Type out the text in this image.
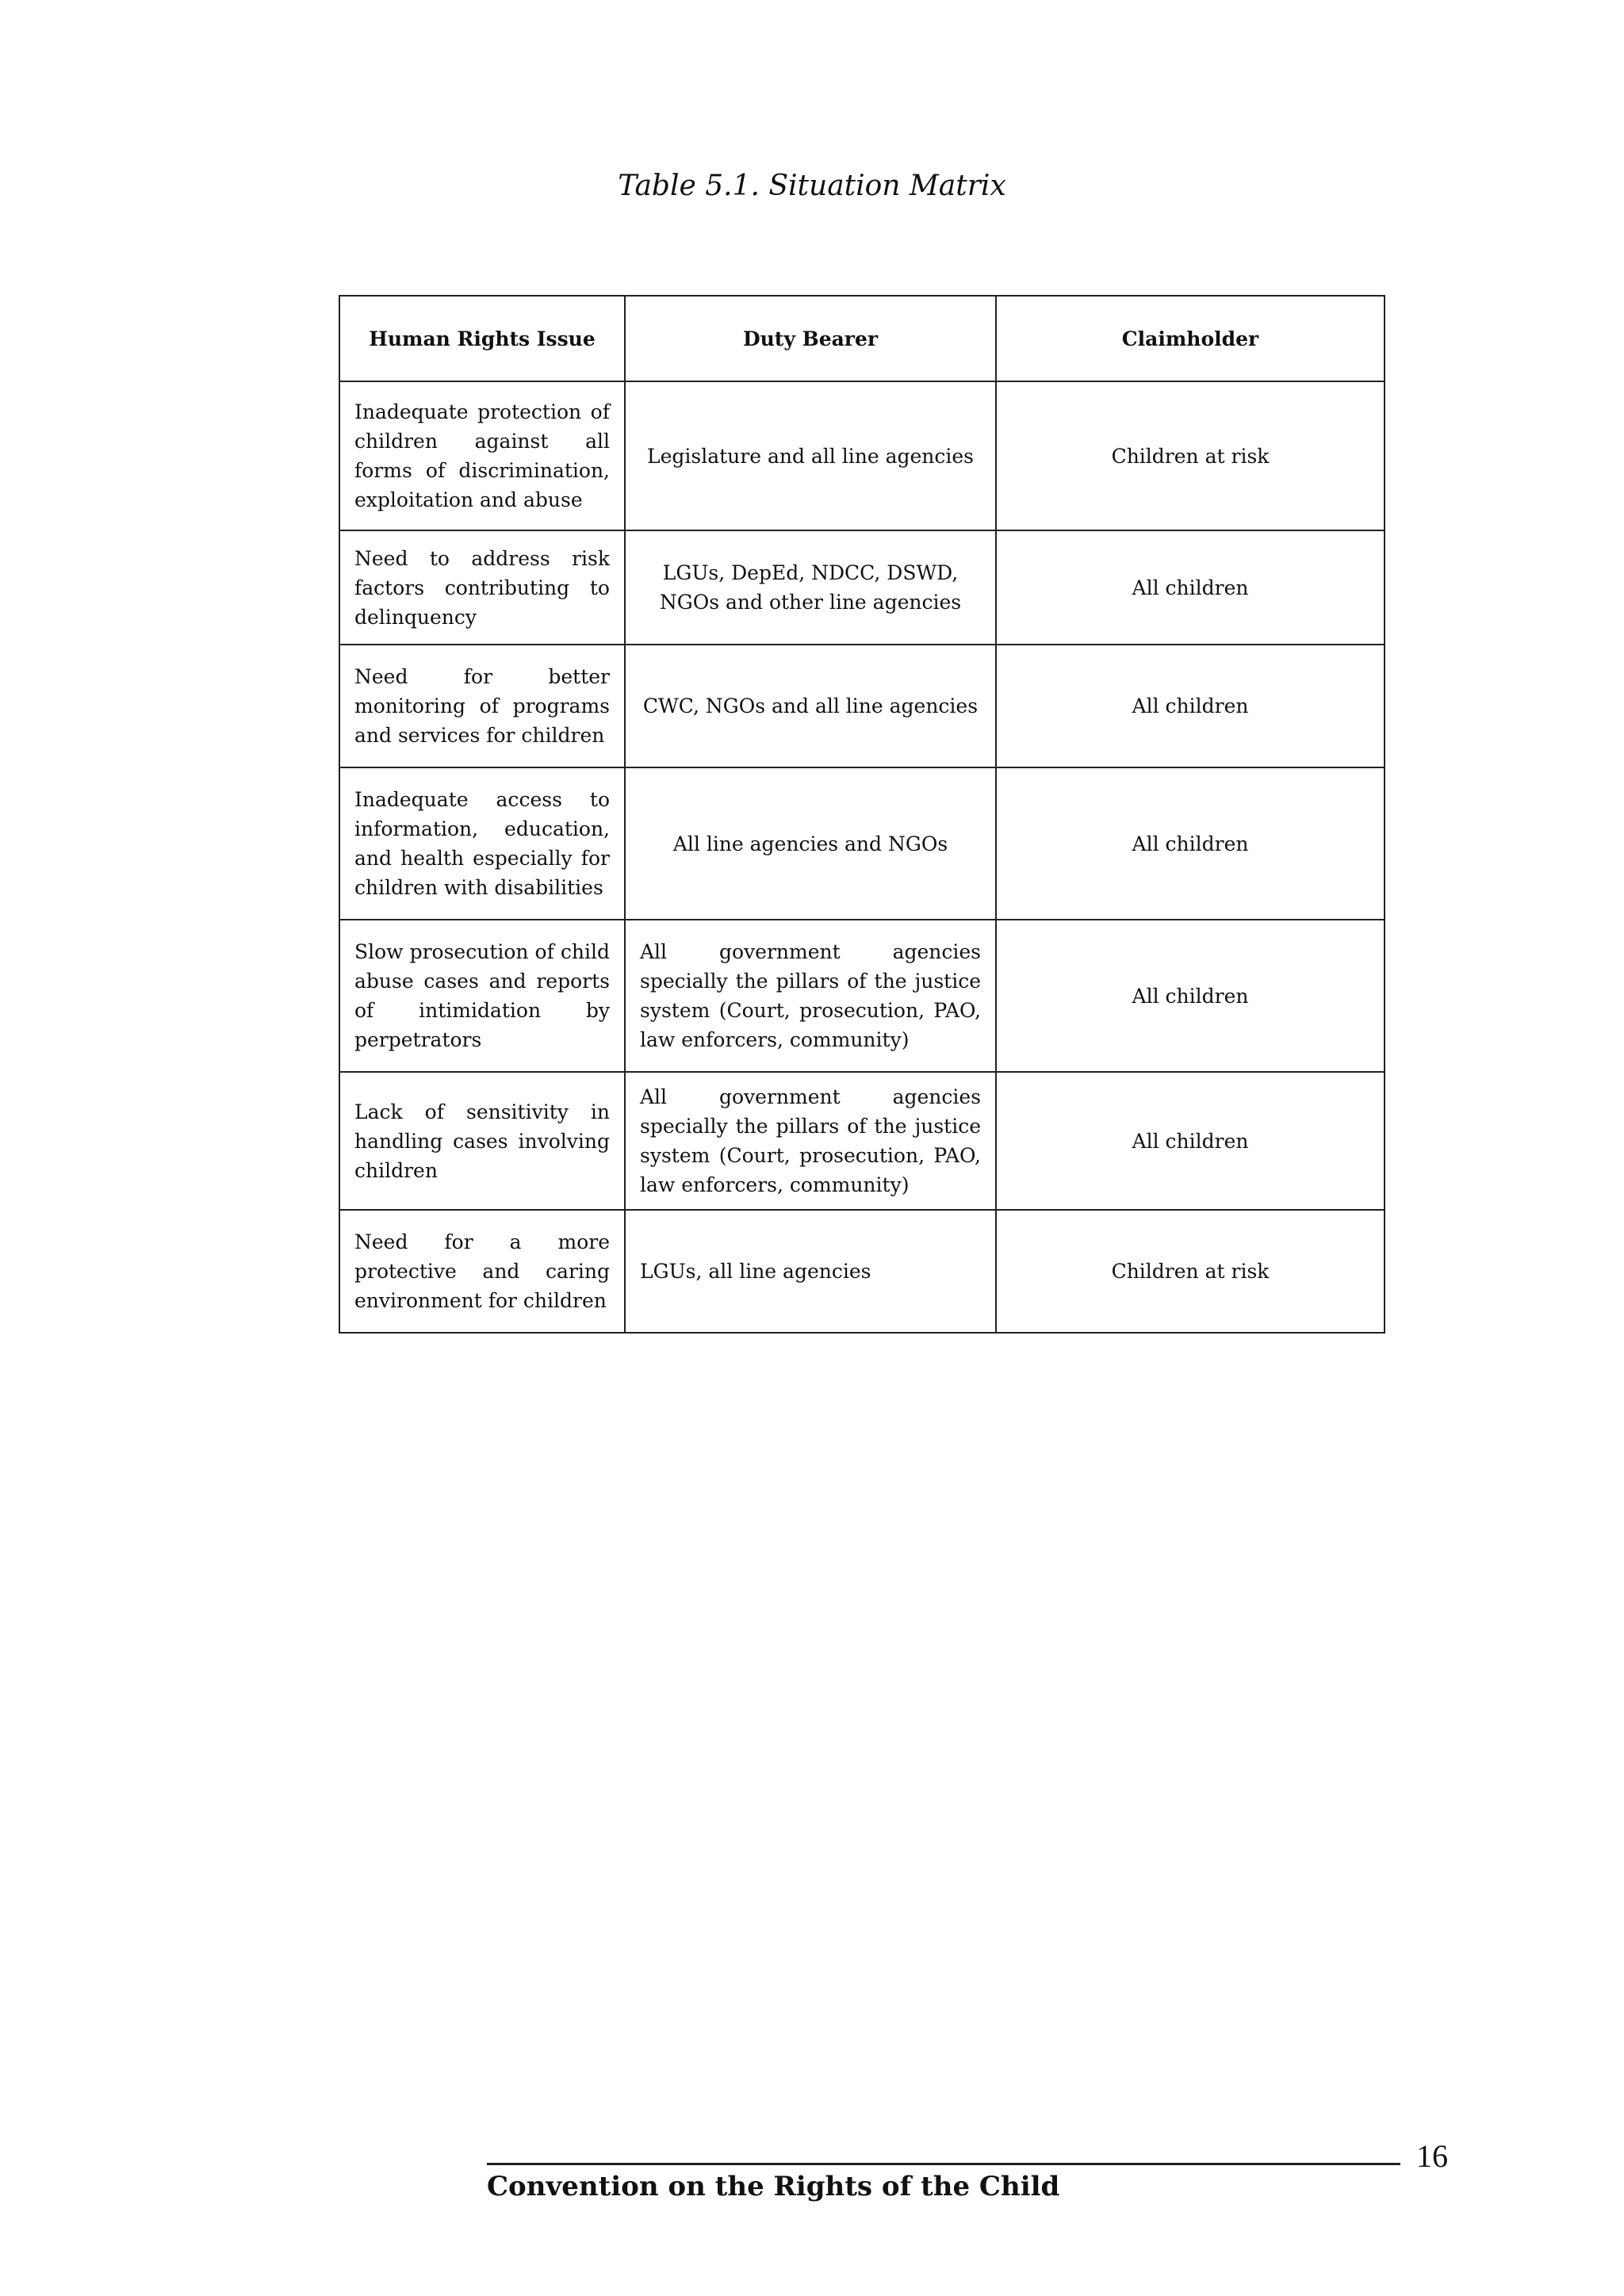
Table 5.1. Situation Matrix
Human Rights Issue	Duty Bearer	Claimholder
Inadequate protection of children against all forms of discrimination, exploitation and abuse	Legislature and all line agencies	Children at risk
Need to address risk factors contributing to delinquency	LGUs, DepEd, NDCC, DSWD, NGOs and other line agencies	All children
Need for better monitoring of programs and services for children	CWC, NGOs and all line agencies	All children
Inadequate access to information, education, and health especially for children with disabilities	All line agencies and NGOs	All children
Slow prosecution of child abuse cases and reports of intimidation by perpetrators	All government agencies specially the pillars of the justice system (Court, prosecution, PAO, law enforcers, community)	All children
Lack of sensitivity in handling cases involving children	All government agencies specially the pillars of the justice system (Court, prosecution, PAO, law enforcers, community)	All children
Need for a more protective and caring environment for children	LGUs, all line agencies	Children at risk
16
Convention on the Rights of the Child
